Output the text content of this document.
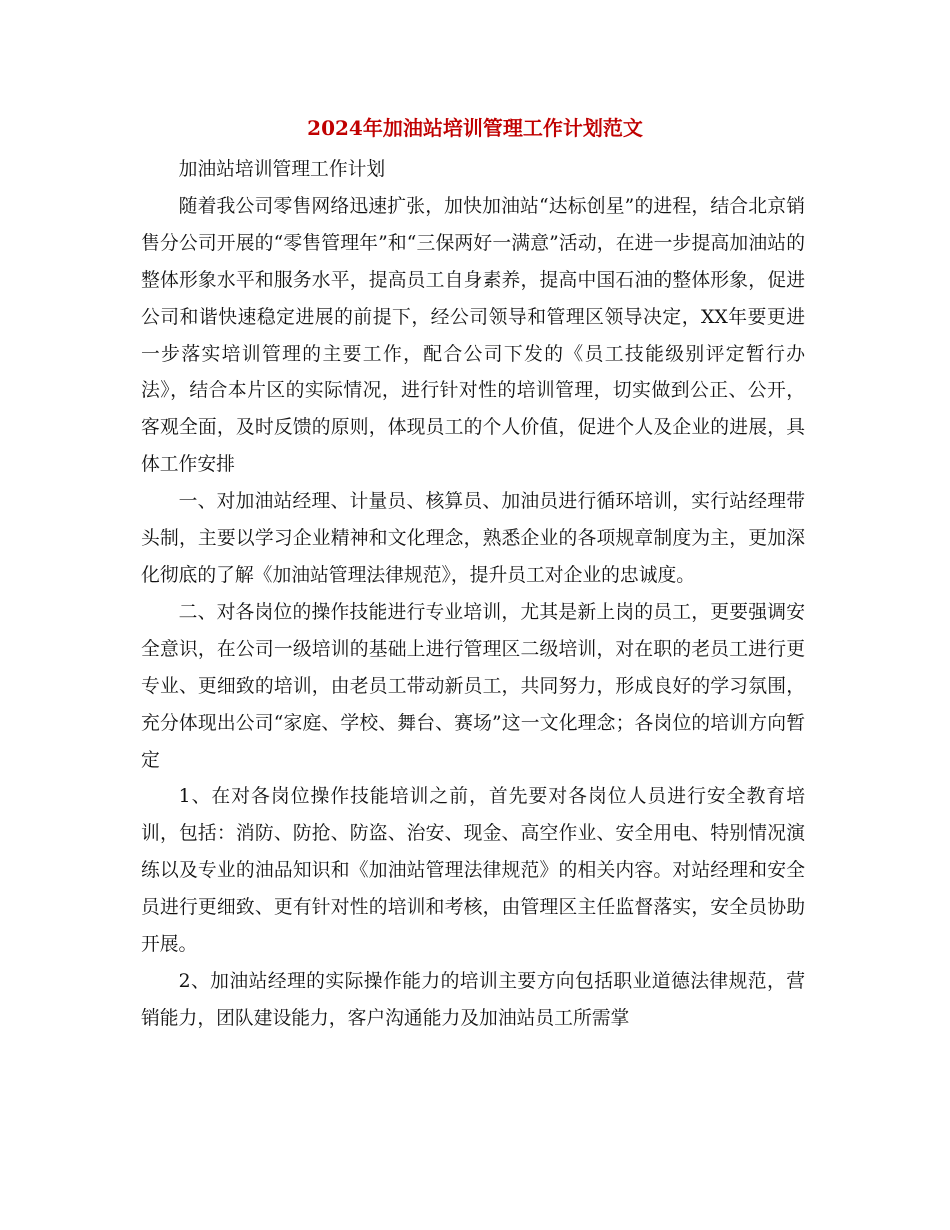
2024年加油站培训管理工作计划范文

加油站培训管理工作计划

随着我公司零售网络迅速扩张，加快加油站“达标创星”的进程，结合北京销售分公司开展的“零售管理年”和“三保两好一满意”活动，在进一步提高加油站的整体形象水平和服务水平，提高员工自身素养，提高中国石油的整体形象，促进公司和谐快速稳定进展的前提下，经公司领导和管理区领导决定，XX年要更进一步落实培训管理的主要工作，配合公司下发的《员工技能级别评定暂行办法》，结合本片区的实际情况，进行针对性的培训管理，切实做到公正、公开，客观全面，及时反馈的原则，体现员工的个人价值，促进个人及企业的进展，具体工作安排

一、对加油站经理、计量员、核算员、加油员进行循环培训，实行站经理带头制，主要以学习企业精神和文化理念，熟悉企业的各项规章制度为主，更加深化彻底的了解《加油站管理法律规范》，提升员工对企业的忠诚度。

二、对各岗位的操作技能进行专业培训，尤其是新上岗的员工，更要强调安全意识，在公司一级培训的基础上进行管理区二级培训，对在职的老员工进行更专业、更细致的培训，由老员工带动新员工，共同努力，形成良好的学习氛围，充分体现出公司“家庭、学校、舞台、赛场”这一文化理念；各岗位的培训方向暂定

1、在对各岗位操作技能培训之前，首先要对各岗位人员进行安全教育培训，包括：消防、防抢、防盗、治安、现金、高空作业、安全用电、特别情况演练以及专业的油品知识和《加油站管理法律规范》的相关内容。对站经理和安全员进行更细致、更有针对性的培训和考核，由管理区主任监督落实，安全员协助开展。

2、加油站经理的实际操作能力的培训主要方向包括职业道德法律规范，营销能力，团队建设能力，客户沟通能力及加油站员工所需掌
